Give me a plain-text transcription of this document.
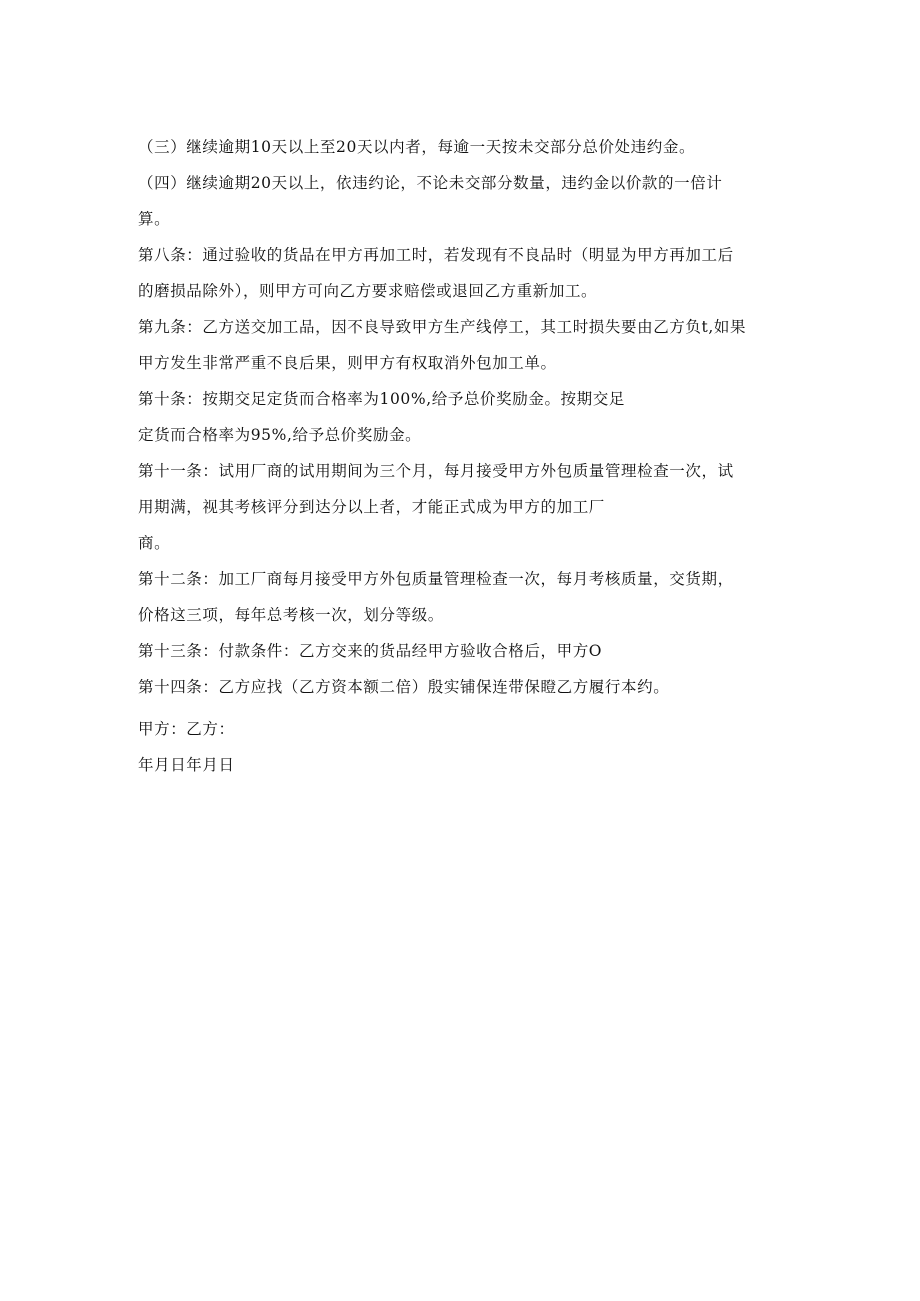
（三）继续逾期10天以上至20天以内者，每逾一天按未交部分总价处违约金。
（四）继续逾期20天以上，依违约论，不论未交部分数量，违约金以价款的一倍计
算。
第八条：通过验收的货品在甲方再加工时，若发现有不良品时（明显为甲方再加工后
的磨损品除外），则甲方可向乙方要求赔偿或退回乙方重新加工。
第九条：乙方送交加工品，因不良导致甲方生产线停工，其工时损失要由乙方负t,如果
甲方发生非常严重不良后果，则甲方有权取消外包加工单。
第十条：按期交足定货而合格率为100%,给予总价奖励金。按期交足
定货而合格率为95%,给予总价奖励金。
第十一条：试用厂商的试用期间为三个月，每月接受甲方外包质量管理检查一次，试
用期满，视其考核评分到达分以上者，才能正式成为甲方的加工厂
商。
第十二条：加工厂商每月接受甲方外包质量管理检查一次，每月考核质量，交货期，
价格这三项，每年总考核一次，划分等级。
第十三条：付款条件：乙方交来的货品经甲方验收合格后，甲方O
第十四条：乙方应找（乙方资本额二倍）殷实铺保连带保瞪乙方履行本约。
甲方：乙方：
年月日年月日
